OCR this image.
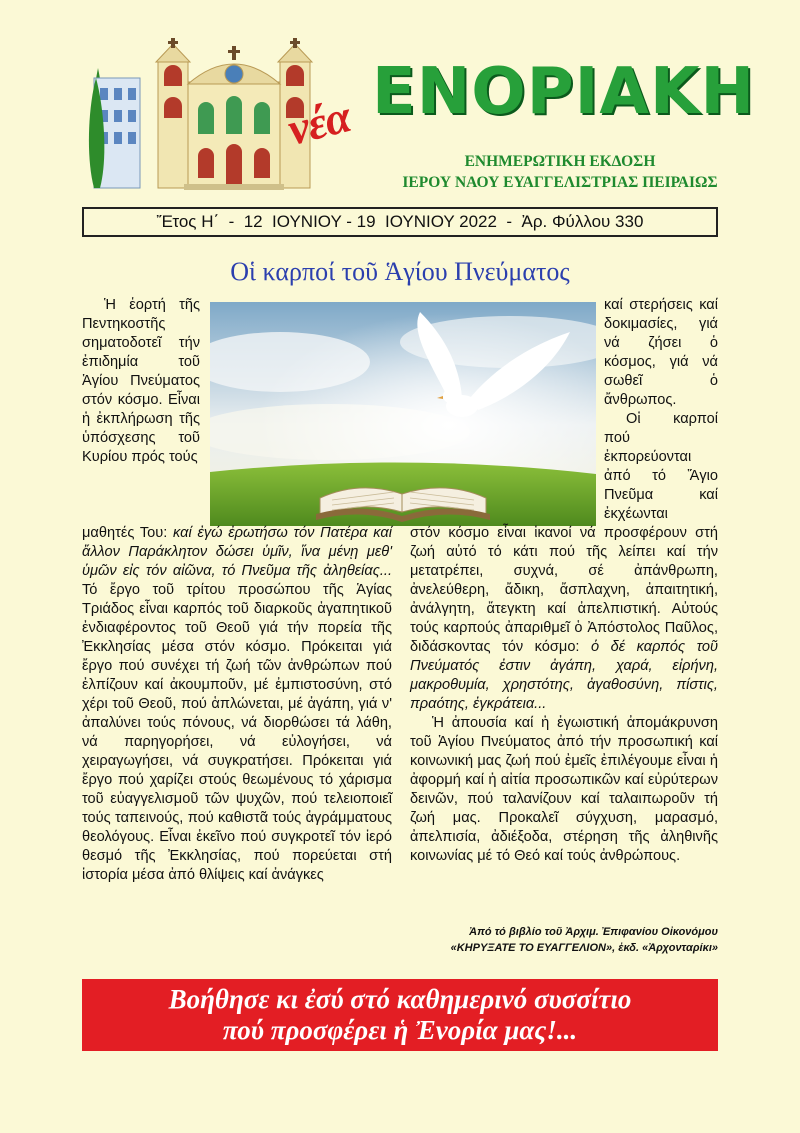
νέα ΕΝΟΡΙΑΚΗ
ΕΝΗΜΕΡΩΤΙΚΗ ΕΚΔΟΣΗ
ΙΕΡΟΥ ΝΑΟΥ ΕΥΑΓΓΕΛΙΣΤΡΙΑΣ ΠΕΙΡΑΙΩΣ
Ἔτος Η΄  -  12  ΙΟΥΝΙΟΥ - 19  ΙΟΥΝΙΟΥ 2022  -  Ἀρ. Φύλλου 330
Οἱ καρποί τοῦ Ἁγίου Πνεύματος

Ἡ ἑορτή τῆς Πεντηκοστῆς σηματοδοτεῖ τήν ἐπιδημία τοῦ Ἁγίου Πνεύματος στόν κόσμο. Εἶναι ἡ ἐκπλήρωση τῆς ὑπόσχεσης τοῦ Κυρίου πρός τούς

καί στερήσεις καί δοκιμασίες, γιά νά ζήσει ὁ κόσμος, γιά νά σωθεῖ ὁ ἄνθρωπος.

Οἱ καρποί πού ἐκπορεύονται ἀπό τό Ἅγιο Πνεῦμα καί ἐκχέωνται

μαθητές Του: καί ἐγώ ἐρωτήσω τόν Πατέρα καί ἄλλον Παράκλητον δώσει ὑμῖν, ἵνα μένῃ μεθ' ὑμῶν εἰς τόν αἰῶνα, τό Πνεῦμα τῆς ἀληθείας... Τό ἔργο τοῦ τρίτου προσώπου τῆς Ἁγίας Τριάδος εἶναι καρπός τοῦ διαρκοῦς ἀγαπητικοῦ ἐνδιαφέροντος τοῦ Θεοῦ γιά τήν πορεία τῆς Ἐκκλησίας μέσα στόν κόσμο. Πρόκειται γιά ἔργο πού συνέχει τή ζωή τῶν ἀνθρώπων πού ἐλπίζουν καί ἀκουμποῦν, μέ ἐμπιστοσύνη, στό χέρι τοῦ Θεοῦ, πού ἁπλώνεται, μέ ἀγάπη, γιά ν' ἀπαλύνει τούς πόνους, νά διορθώσει τά λάθη, νά παρηγορήσει, νά εὐλογήσει, νά χειραγωγήσει, νά συγκρατήσει. Πρόκειται γιά ἔργο πού χαρίζει στούς θεωμένους τό χάρισμα τοῦ εὐαγγελισμοῦ τῶν ψυχῶν, πού τελειοποιεῖ τούς ταπεινούς, πού καθιστᾶ τούς ἀγράμματους θεολόγους. Εἶναι ἐκεῖνο πού συγκροτεῖ τόν ἱερό θεσμό τῆς Ἐκκλησίας, πού πορεύεται στή ἱστορία μέσα ἀπό θλίψεις καί ἀνάγκες

στόν κόσμο εἶναι ἱκανοί νά προσφέρουν στή ζωή αὐτό τό κάτι πού τῆς λείπει καί τήν μετατρέπει, συχνά, σέ ἀπάνθρωπη, ἀνελεύθερη, ἄδικη, ἄσπλαχνη, ἀπαιτητική, ἀνάλγητη, ἄτεγκτη καί ἀπελπιστική. Αὐτούς τούς καρπούς ἀπαριθμεῖ ὁ Ἀπόστολος Παῦλος, διδάσκοντας τόν κόσμο: ὁ δέ καρπός τοῦ Πνεύματός ἐστιν ἀγάπη, χαρά, εἰρήνη, μακροθυμία, χρηστότης, ἀγαθοσύνη, πίστις, πραότης, ἐγκράτεια...

Ἡ ἀπουσία καί ἡ ἐγωιστική ἀπομάκρυνση τοῦ Ἁγίου Πνεύματος ἀπό τήν προσωπική καί κοινωνική μας ζωή πού ἐμεῖς ἐπιλέγουμε εἶναι ἡ ἀφορμή καί ἡ αἰτία προσωπικῶν καί εὐρύτερων δεινῶν, πού ταλανίζουν καί ταλαιπωροῦν τή ζωή μας. Προκαλεῖ σύγχυση, μαρασμό, ἀπελπισία, ἀδιέξοδα, στέρηση τῆς ἀληθινῆς κοινωνίας μέ τό Θεό καί τούς ἀνθρώπους.

Ἀπό τό βιβλίο τοῦ Ἀρχιμ. Ἐπιφανίου Οἰκονόμου
«ΚΗΡΥΞΑΤΕ ΤΟ ΕΥΑΓΓΕΛΙΟΝ», ἐκδ. «Ἀρχονταρίκι»
Βοήθησε κι ἐσύ στό καθημερινό συσσίτιο
πού προσφέρει ἡ Ἐνορία μας!...
